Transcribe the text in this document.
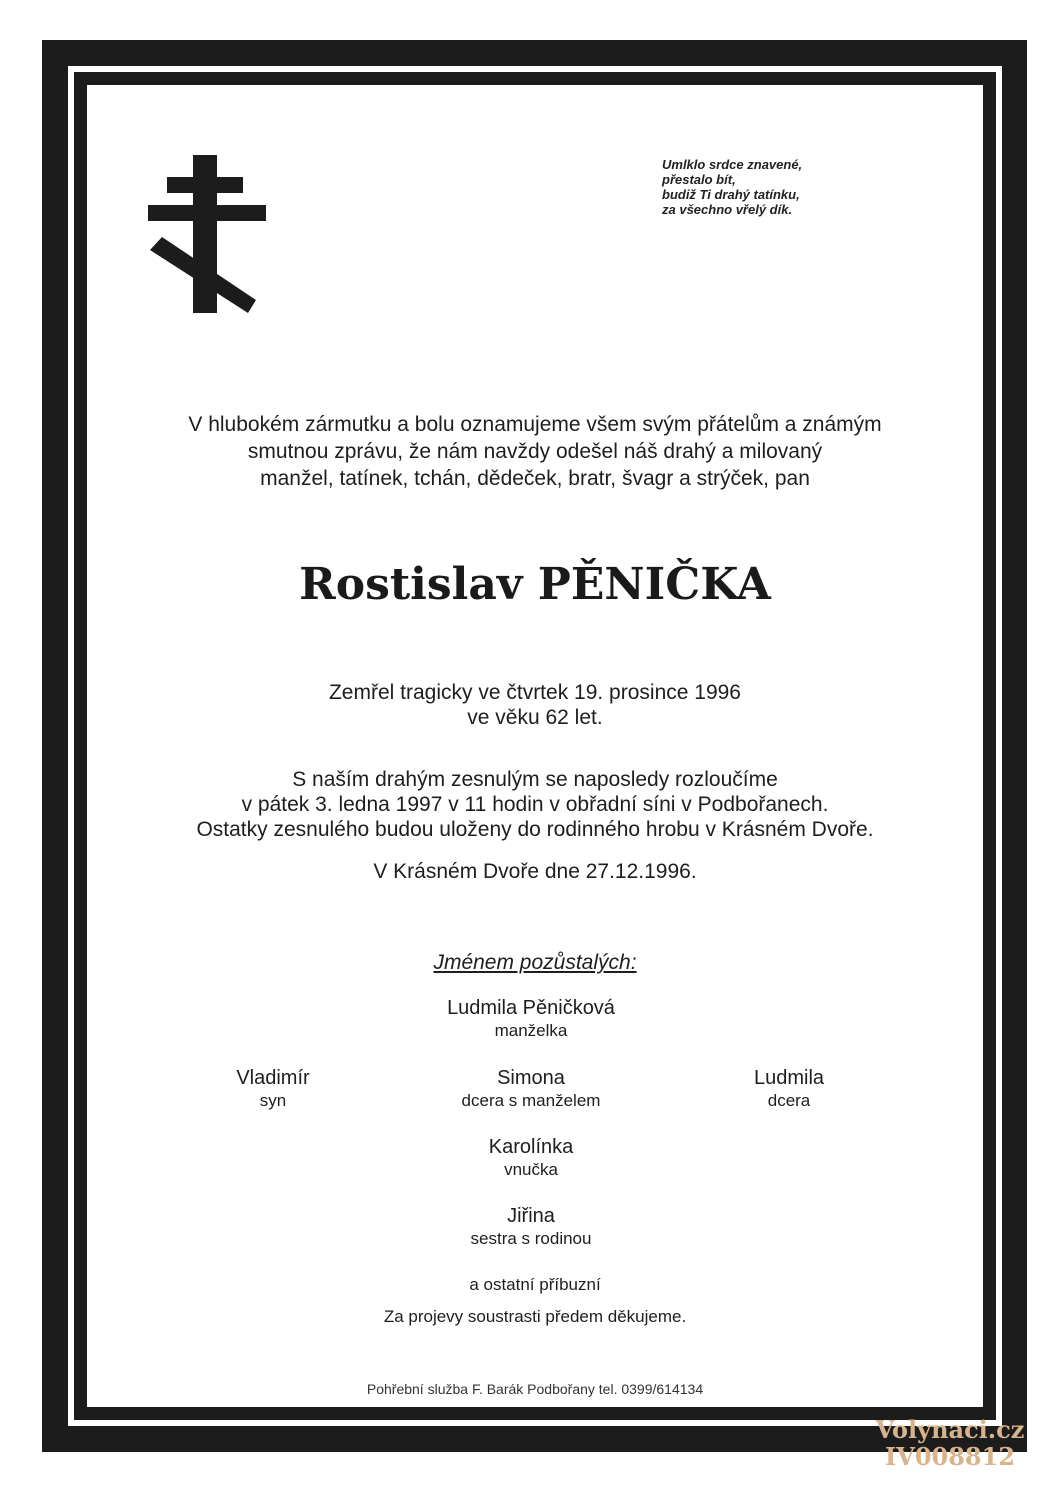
Umlklo srdce znavené,
přestalo bít,
budiž Ti drahý tatínku,
za všechno vřelý dík.
V hlubokém zármutku a bolu oznamujeme všem svým přátelům a známým
smutnou zprávu, že nám navždy odešel náš drahý a milovaný
manžel, tatínek, tchán, dědeček, bratr, švagr a strýček, pan
Rostislav PĚNIČKA
Zemřel tragicky ve čtvrtek 19. prosince 1996
ve věku 62 let.
S naším drahým zesnulým se naposledy rozloučíme
v pátek 3. ledna 1997 v 11 hodin v obřadní síni v Podbořanech.
Ostatky zesnulého budou uloženy do rodinného hrobu v Krásném Dvoře.
V Krásném Dvoře dne 27.12.1996.
Jménem pozůstalých:
Ludmila Pěničková
manželka
Vladimír
syn
Simona
dcera s manželem
Ludmila
dcera
Karolínka
vnučka
Jiřina
sestra s rodinou
a ostatní příbuzní
Za projevy soustrasti předem děkujeme.
Pohřební služba F. Barák Podbořany tel. 0399/614134
Volynaci.cz
IV008812
